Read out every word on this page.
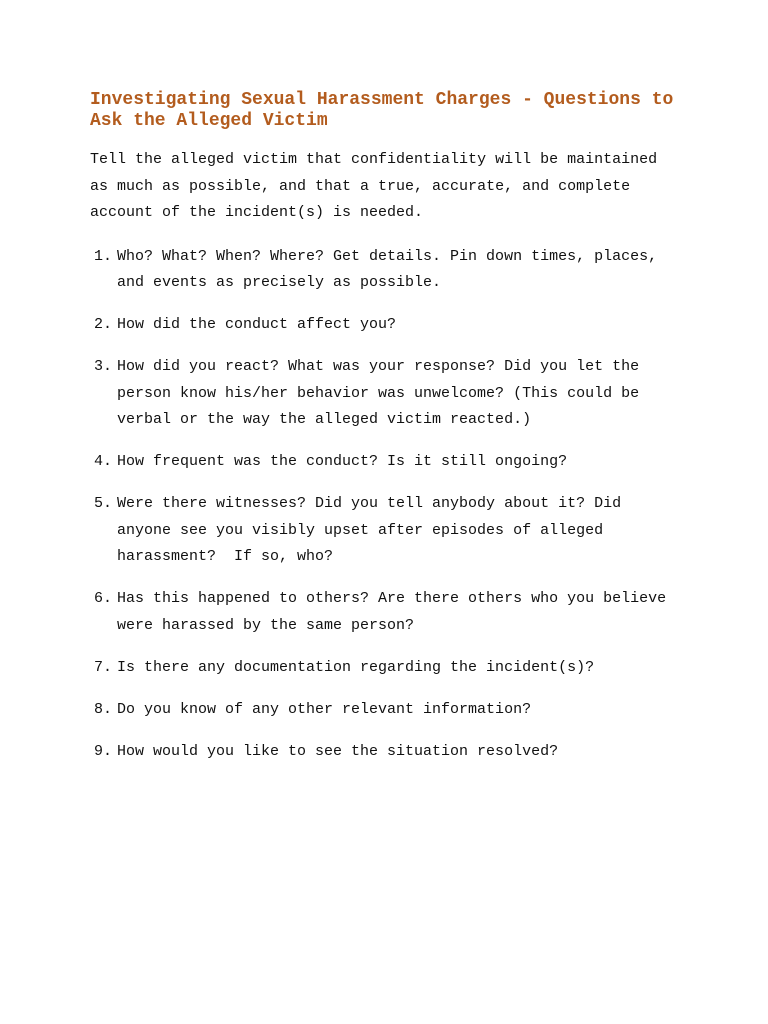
Investigating Sexual Harassment Charges - Questions to Ask the Alleged Victim

Tell the alleged victim that confidentiality will be maintained as much as possible, and that a true, accurate, and complete account of the incident(s) is needed.

1. Who? What? When? Where? Get details. Pin down times, places, and events as precisely as possible.
2. How did the conduct affect you?
3. How did you react? What was your response? Did you let the person know his/her behavior was unwelcome? (This could be verbal or the way the alleged victim reacted.)
4. How frequent was the conduct? Is it still ongoing?
5. Were there witnesses? Did you tell anybody about it? Did anyone see you visibly upset after episodes of alleged harassment?  If so, who?
6. Has this happened to others? Are there others who you believe were harassed by the same person?
7. Is there any documentation regarding the incident(s)?
8. Do you know of any other relevant information?
9. How would you like to see the situation resolved?
